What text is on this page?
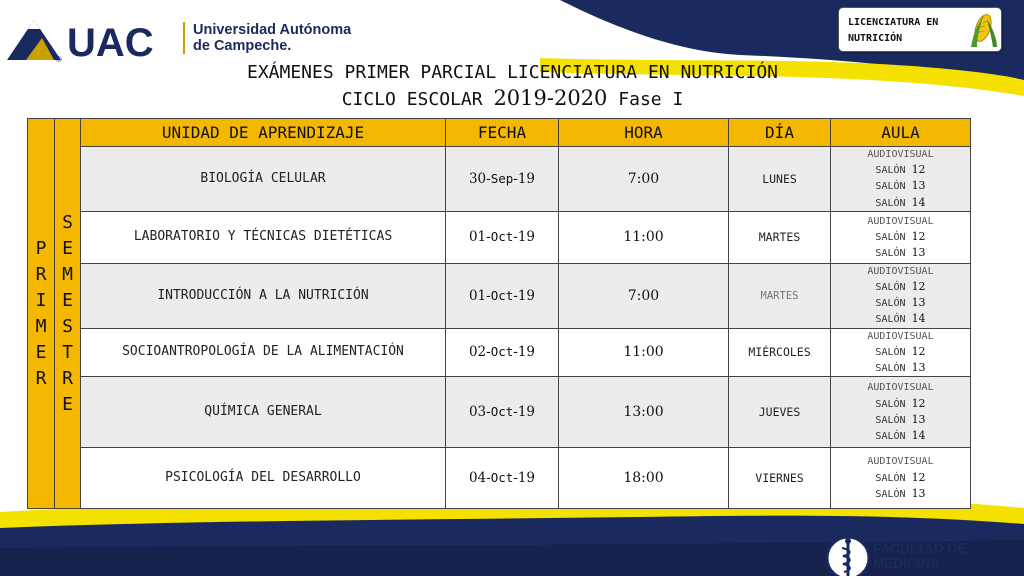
UAC
®
Universidad Autónoma
de Campeche.
EXÁMENES PRIMER PARCIAL LICENCIATURA EN NUTRICIÓN
CICLO ESCOLAR 2019-2020 Fase I
LICENCIATURA EN
NUTRICIÓN
PRIMER	SEMESTRE	UNIDAD DE APRENDIZAJE	FECHA	HORA	DÍA	AULA
		BIOLOGÍA CELULAR	30-Sep-19	7:00	LUNES	AUDIOVISUAL
SALÓN 12
SALÓN 13
SALÓN 14

		LABORATORIO Y TÉCNICAS DIETÉTICAS	01-Oct-19	11:00	MARTES	AUDIOVISUAL
SALÓN 12
SALÓN 13

		INTRODUCCIÓN A LA NUTRICIÓN	01-Oct-19	7:00	MARTES	AUDIOVISUAL
SALÓN 12
SALÓN 13
SALÓN 14

		SOCIOANTROPOLOGÍA DE LA ALIMENTACIÓN	02-Oct-19	11:00	MIÉRCOLES	AUDIOVISUAL
SALÓN 12
SALÓN 13

		QUÍMICA GENERAL	03-Oct-19	13:00	JUEVES	AUDIOVISUAL
SALÓN 12
SALÓN 13
SALÓN 14

		PSICOLOGÍA DEL DESARROLLO	04-Oct-19	18:00	VIERNES	AUDIOVISUAL
SALÓN 12
SALÓN 13
FACULTAD DE
MEDICINA
